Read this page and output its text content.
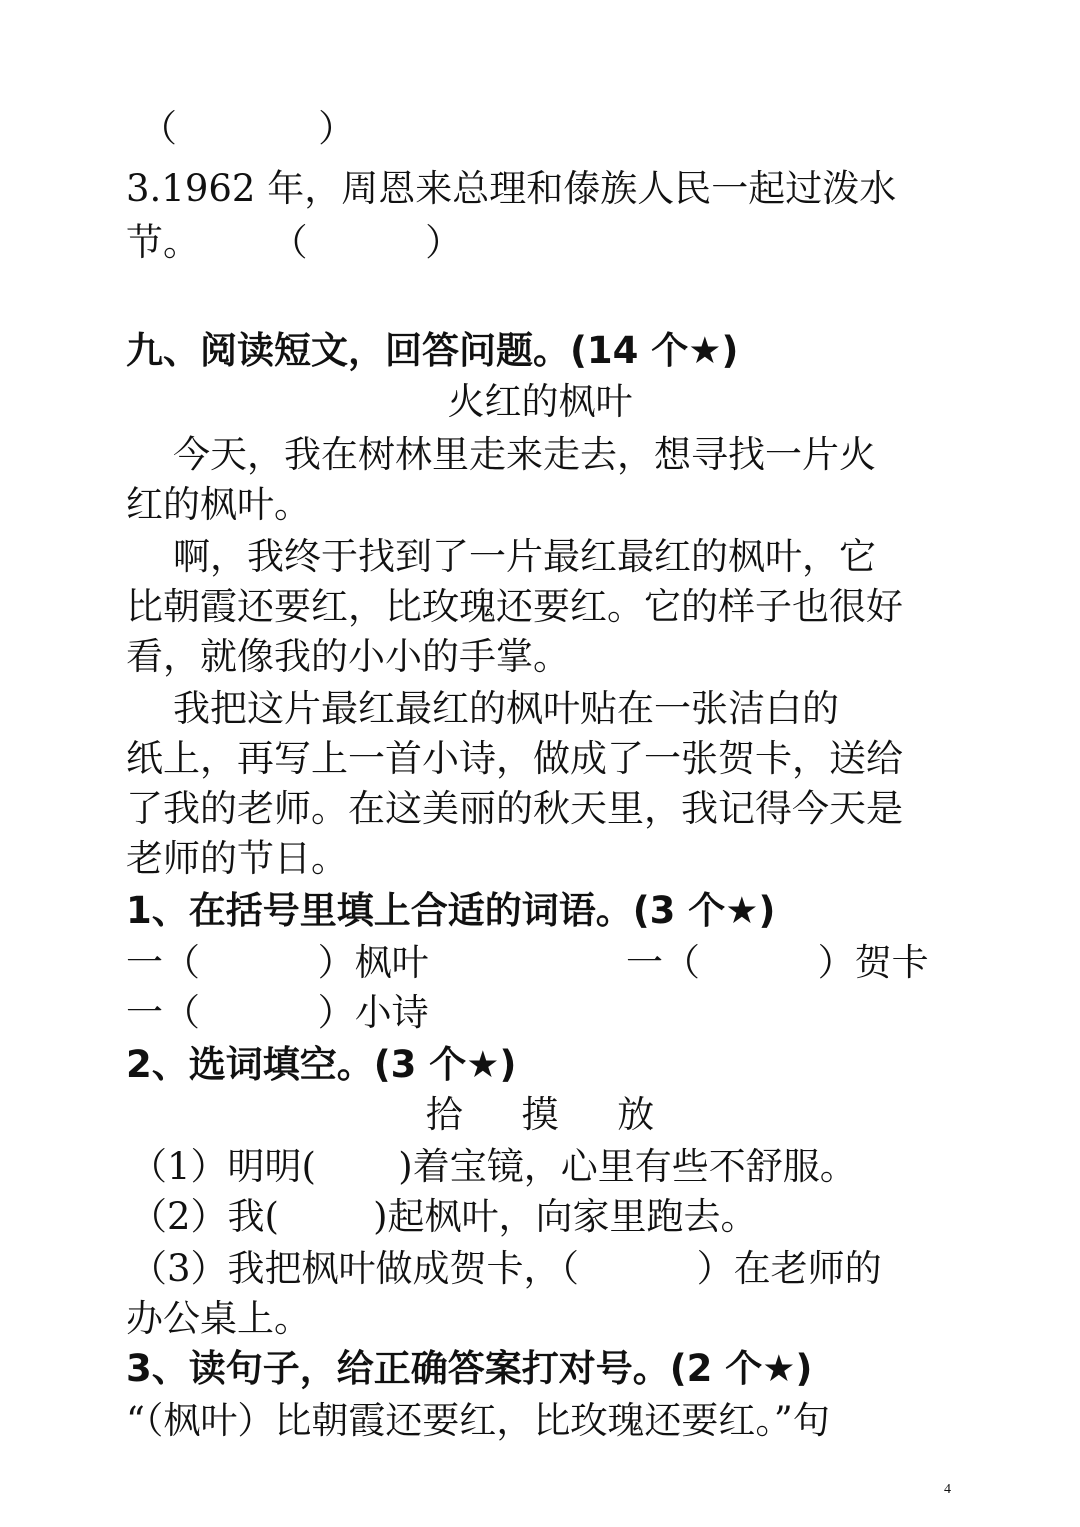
（            ）
3.1962 年，周恩来总理和傣族人民一起过泼水
节。      （          ）
九、阅读短文，回答问题。(14 个★)
火红的枫叶
今天，我在树林里走来走去，想寻找一片火
红的枫叶。
啊，我终于找到了一片最红最红的枫叶，它
比朝霞还要红，比玫瑰还要红。它的样子也很好
看，就像我的小小的手掌。
我把这片最红最红的枫叶贴在一张洁白的
纸上，再写上一首小诗，做成了一张贺卡，送给
了我的老师。在这美丽的秋天里，我记得今天是
老师的节日。
1、在括号里填上合适的词语。(3 个★)
一（          ）枫叶	一（          ）贺卡
一（          ）小诗
2、选词填空。(3 个★)
拾     摸     放
（1）明明(       )着宝镜，心里有些不舒服。
（2）我(        )起枫叶，向家里跑去。
（3）我把枫叶做成贺卡，（          ）在老师的
办公桌上。
3、读句子，给正确答案打对号。(2 个★)
“（枫叶）比朝霞还要红，比玫瑰还要红。”句
4
